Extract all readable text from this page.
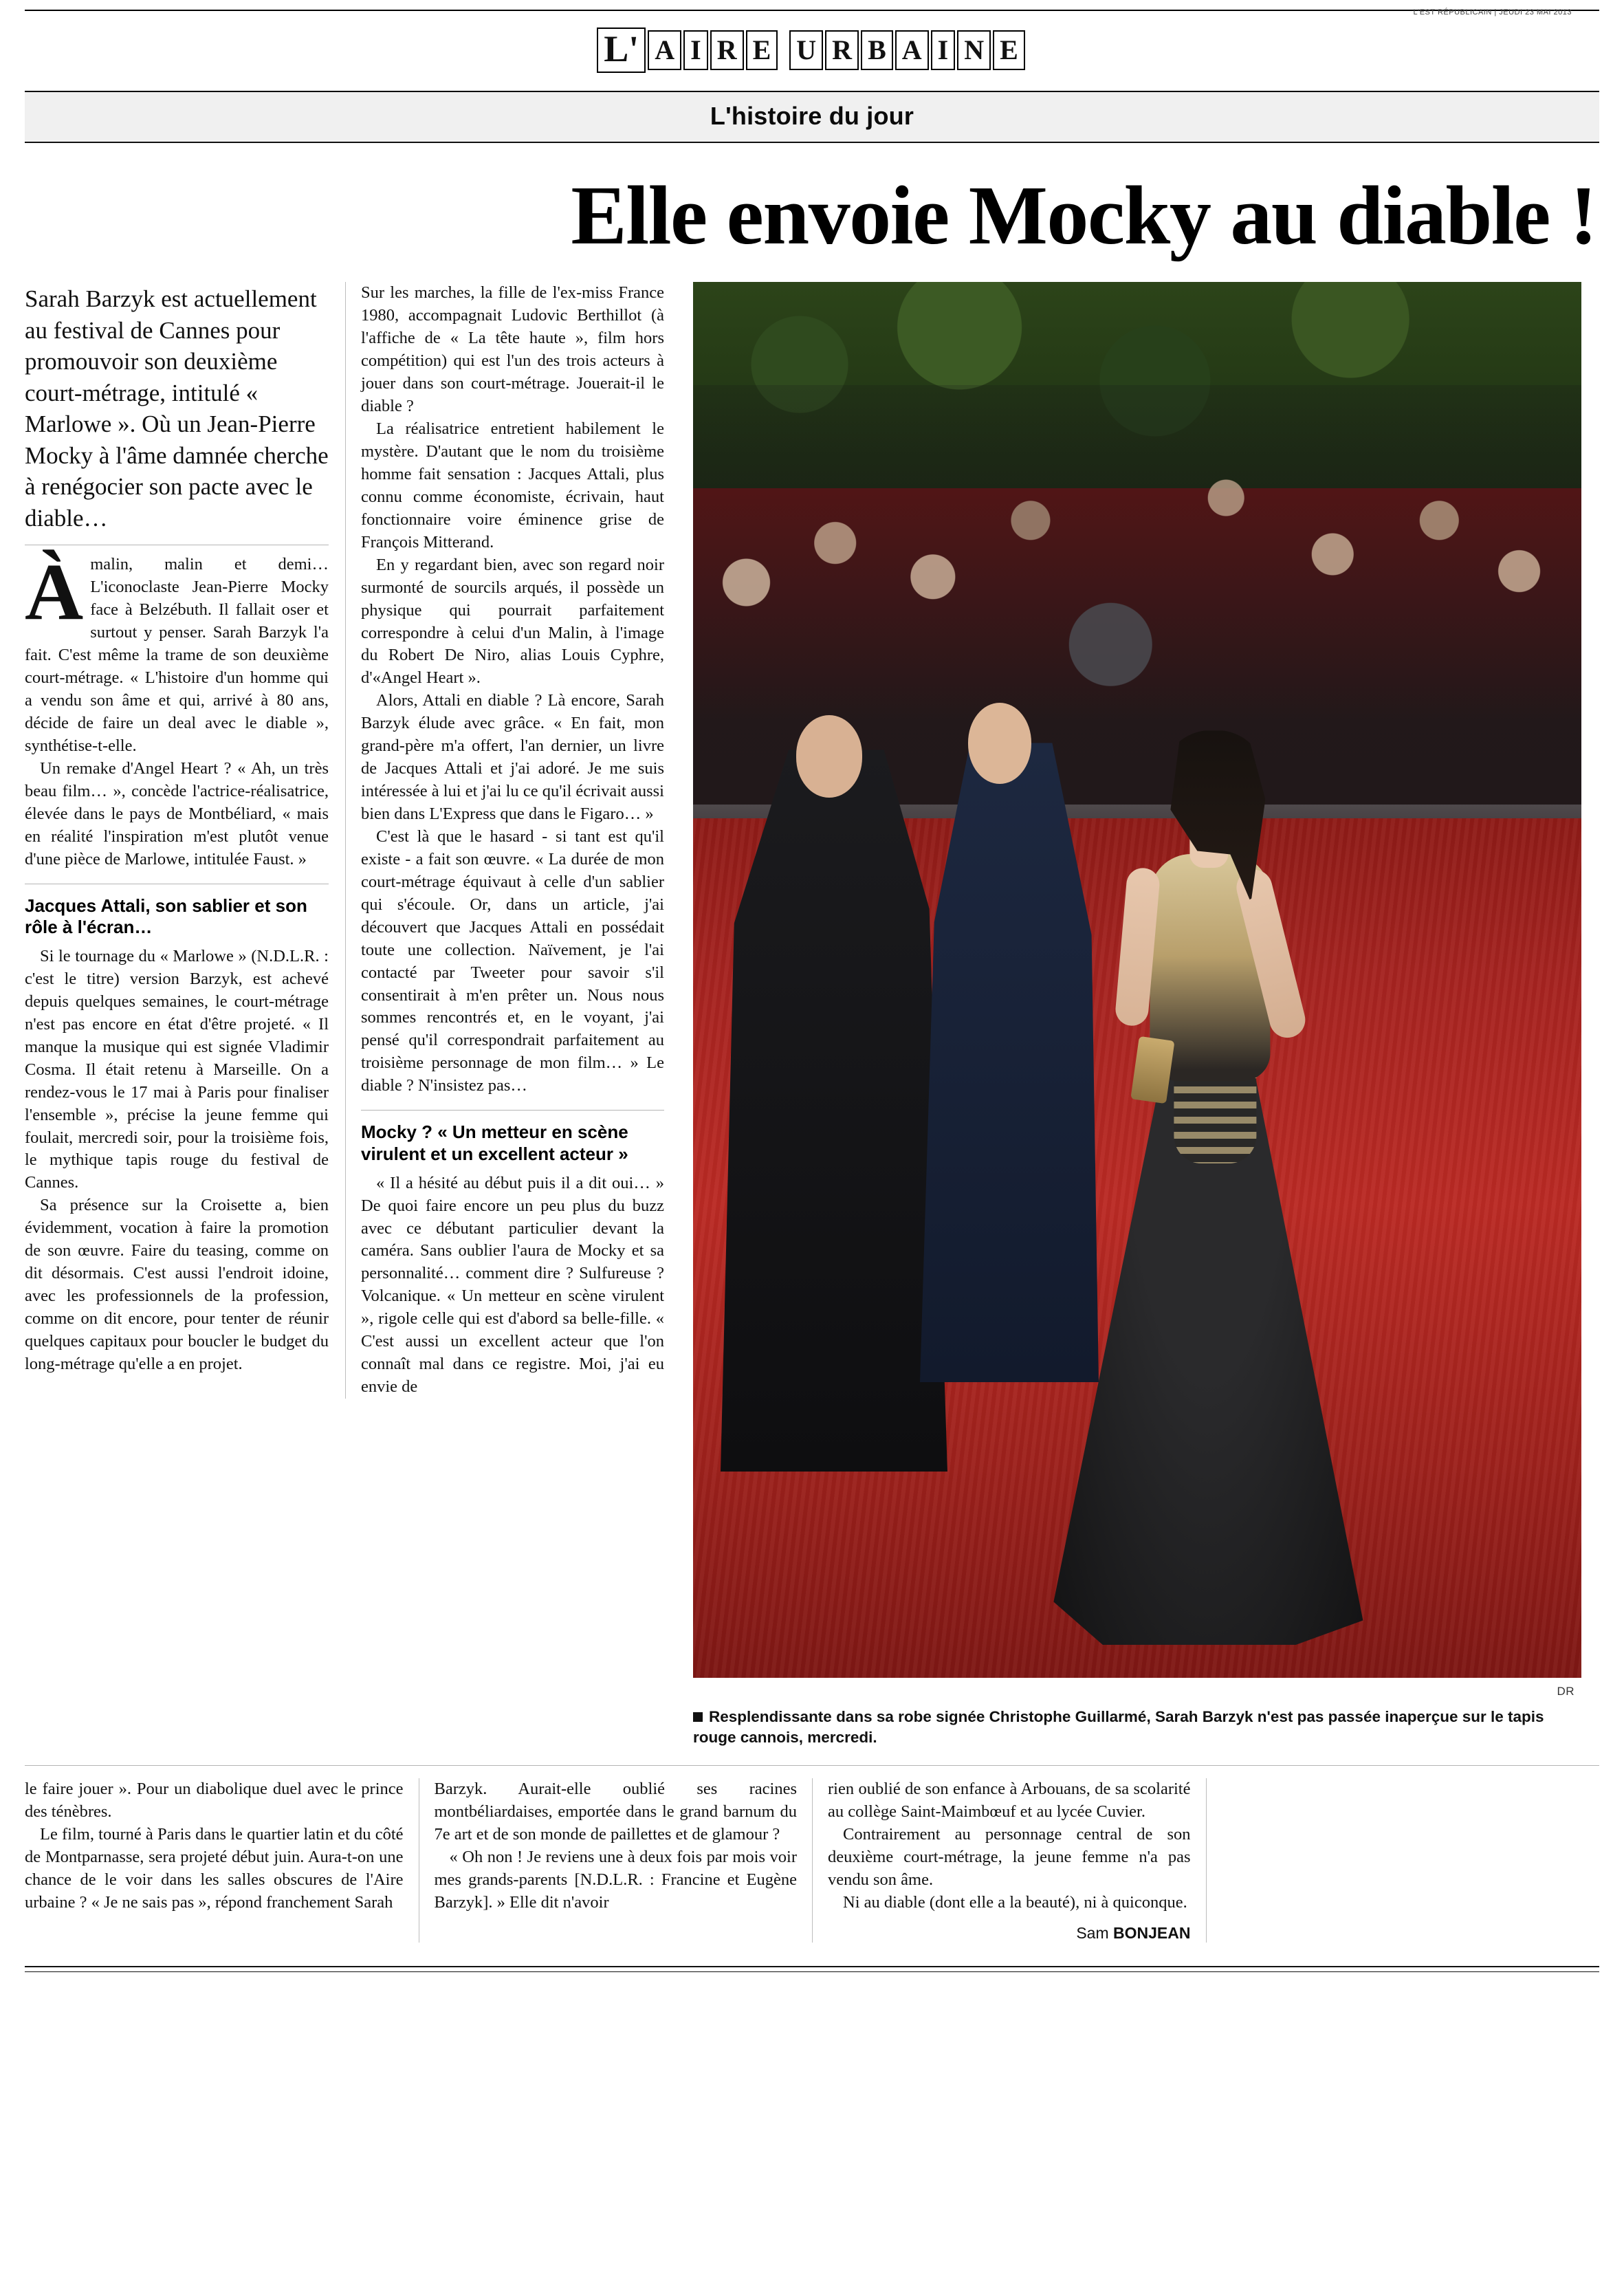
L'EST RÉPUBLICAIN | JEUDI 23 MAI 2013
L' A I R E U R B A I N E
L'histoire du jour
Elle envoie Mocky au diable !
Sarah Barzyk est actuellement au festival de Cannes pour promouvoir son deuxième court-métrage, intitulé « Marlowe ». Où un Jean-Pierre Mocky à l'âme damnée cherche à renégocier son pacte avec le diable…

Àmalin, malin et demi… L'iconoclaste Jean-Pierre Mocky face à Belzébuth. Il fallait oser et surtout y penser. Sarah Barzyk l'a fait. C'est même la trame de son deuxième court-métrage. « L'histoire d'un homme qui a vendu son âme et qui, arrivé à 80 ans, décide de faire un deal avec le diable », synthétise-t-elle.

Un remake d'Angel Heart ? « Ah, un très beau film… », concède l'actrice-réalisatrice, élevée dans le pays de Montbéliard, « mais en réalité l'inspiration m'est plutôt venue d'une pièce de Marlowe, intitulée Faust. »

Jacques Attali, son sablier et son rôle à l'écran…

Si le tournage du « Marlowe » (N.D.L.R. : c'est le titre) version Barzyk, est achevé depuis quelques semaines, le court-métrage n'est pas encore en état d'être projeté. « Il manque la musique qui est signée Vladimir Cosma. Il était retenu à Marseille. On a rendez-vous le 17 mai à Paris pour finaliser l'ensemble », précise la jeune femme qui foulait, mercredi soir, pour la troisième fois, le mythique tapis rouge du festival de Cannes.

Sa présence sur la Croisette a, bien évidemment, vocation à faire la promotion de son œuvre. Faire du teasing, comme on dit désormais. C'est aussi l'endroit idoine, avec les professionnels de la profession, comme on dit encore, pour tenter de réunir quelques capitaux pour boucler le budget du long-métrage qu'elle a en projet.

Sur les marches, la fille de l'ex-miss France 1980, accompagnait Ludovic Berthillot (à l'affiche de « La tête haute », film hors compétition) qui est l'un des trois acteurs à jouer dans son court-métrage. Jouerait-il le diable ?

La réalisatrice entretient habilement le mystère. D'autant que le nom du troisième homme fait sensation : Jacques Attali, plus connu comme économiste, écrivain, haut fonctionnaire voire éminence grise de François Mitterand.

En y regardant bien, avec son regard noir surmonté de sourcils arqués, il possède un physique qui pourrait parfaitement correspondre à celui d'un Malin, à l'image du Robert De Niro, alias Louis Cyphre, d'«Angel Heart ».

Alors, Attali en diable ? Là encore, Sarah Barzyk élude avec grâce. « En fait, mon grand-père m'a offert, l'an dernier, un livre de Jacques Attali et j'ai adoré. Je me suis intéressée à lui et j'ai lu ce qu'il écrivait aussi bien dans L'Express que dans le Figaro… »

C'est là que le hasard - si tant est qu'il existe - a fait son œuvre. « La durée de mon court-métrage équivaut à celle d'un sablier qui s'écoule. Or, dans un article, j'ai découvert que Jacques Attali en possédait toute une collection. Naïvement, je l'ai contacté par Tweeter pour savoir s'il consentirait à m'en prêter un. Nous nous sommes rencontrés et, en le voyant, j'ai pensé qu'il correspondrait parfaitement au troisième personnage de mon film… » Le diable ? N'insistez pas…

Mocky ? « Un metteur en scène virulent et un excellent acteur »

« Il a hésité au début puis il a dit oui… » De quoi faire encore un peu plus du buzz avec ce débutant particulier devant la caméra. Sans oublier l'aura de Mocky et sa personnalité… comment dire ? Sulfureuse ? Volcanique. « Un metteur en scène virulent », rigole celle qui est d'abord sa belle-fille. « C'est aussi un excellent acteur que l'on connaît mal dans ce registre. Moi, j'ai eu envie de

DR
Resplendissante dans sa robe signée Christophe Guillarmé, Sarah Barzyk n'est pas passée inaperçue sur le tapis rouge cannois, mercredi.

le faire jouer ». Pour un diabolique duel avec le prince des ténèbres.

Le film, tourné à Paris dans le quartier latin et du côté de Montparnasse, sera projeté début juin. Aura-t-on une chance de le voir dans les salles obscures de l'Aire urbaine ? « Je ne sais pas », répond franchement Sarah

Barzyk. Aurait-elle oublié ses racines montbéliardaises, emportée dans le grand barnum du 7e art et de son monde de paillettes et de glamour ?

« Oh non ! Je reviens une à deux fois par mois voir mes grands-parents [N.D.L.R. : Francine et Eugène Barzyk]. » Elle dit n'avoir

rien oublié de son enfance à Arbouans, de sa scolarité au collège Saint-Maimbœuf et au lycée Cuvier.

Contrairement au personnage central de son deuxième court-métrage, la jeune femme n'a pas vendu son âme.

Ni au diable (dont elle a la beauté), ni à quiconque.

Sam BONJEAN
